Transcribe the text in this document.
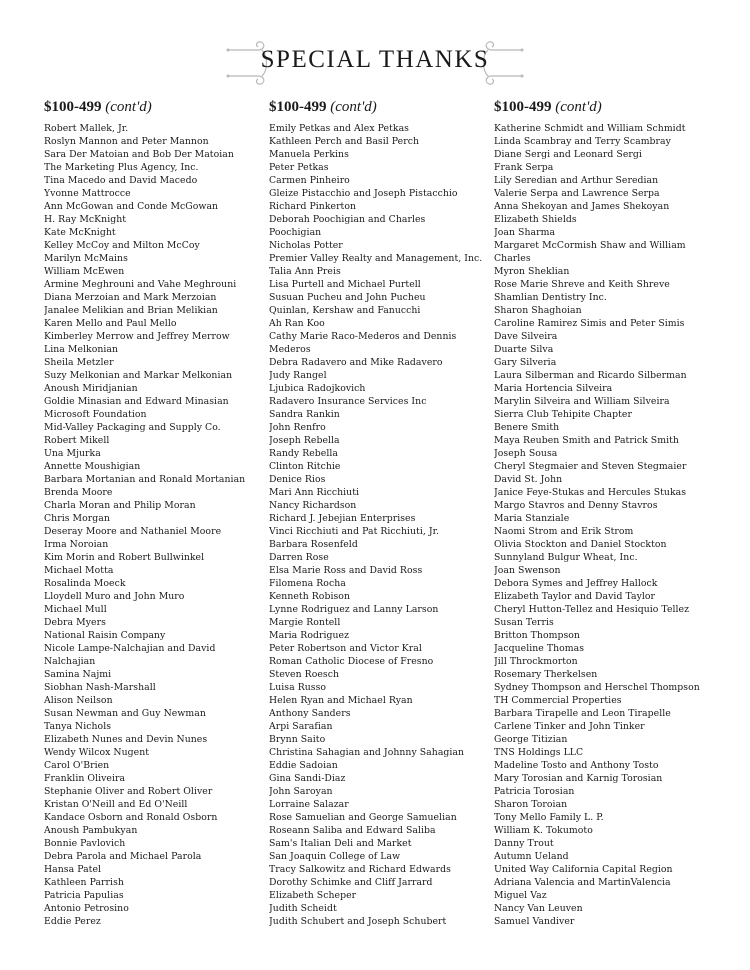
SPECIAL THANKS
$100-499 (cont'd)
Robert Mallek, Jr.
Roslyn Mannon and Peter Mannon
Sara Der Matoian and Bob Der Matoian
The Marketing Plus Agency, Inc.
Tina Macedo and David Macedo
Yvonne Mattrocce
Ann McGowan and Conde McGowan
H. Ray McKnight
Kate McKnight
Kelley McCoy and Milton McCoy
Marilyn McMains
William McEwen
Armine Meghrouni and Vahe Meghrouni
Diana Merzoian and Mark Merzoian
Janalee Melikian and Brian Melikian
Karen Mello and Paul Mello
Kimberley Merrow and Jeffrey Merrow
Lina Melkonian
Sheila Metzler
Suzy Melkonian and Markar Melkonian
Anoush Miridjanian
Goldie Minasian and Edward Minasian
Microsoft Foundation
Mid-Valley Packaging and Supply Co.
Robert Mikell
Una Mjurka
Annette Moushigian
Barbara Mortanian and Ronald Mortanian
Brenda Moore
Charla Moran and Philip Moran
Chris Morgan
Deseray Moore and Nathaniel Moore
Irma Noroian
Kim Morin and Robert Bullwinkel
Michael Motta
Rosalinda Moeck
Lloydell Muro and John Muro
Michael Mull
Debra Myers
National Raisin Company
Nicole Lampe-Nalchajian and David
Nalchajian
Samina Najmi
Siobhan Nash-Marshall
Alison Neilson
Susan Newman and Guy Newman
Tanya Nichols
Elizabeth Nunes and Devin Nunes
Wendy Wilcox Nugent
Carol O'Brien
Franklin Oliveira
Stephanie Oliver and Robert Oliver
Kristan O'Neill and Ed O'Neill
Kandace Osborn and Ronald Osborn
Anoush Pambukyan
Bonnie Pavlovich
Debra Parola and Michael Parola
Hansa Patel
Kathleen Parrish
Patricia Papulias
Antonio Petrosino
Eddie Perez
$100-499 (cont'd)
Emily Petkas and Alex Petkas
Kathleen Perch and Basil Perch
Manuela Perkins
Peter Petkas
Carmen Pinheiro
Gleize Pistacchio and Joseph Pistacchio
Richard Pinkerton
Deborah Poochigian and Charles
Poochigian
Nicholas Potter
Premier Valley Realty and Management, Inc.
Talia Ann Preis
Lisa Purtell and Michael Purtell
Susuan Pucheu and John Pucheu
Quinlan, Kershaw and Fanucchi
Ah Ran Koo
Cathy Marie Raco-Mederos and Dennis
Mederos
Debra Radavero and Mike Radavero
Judy Rangel
Ljubica Radojkovich
Radavero Insurance Services Inc
Sandra Rankin
John Renfro
Joseph Rebella
Randy Rebella
Clinton Ritchie
Denice Rios
Mari Ann Ricchiuti
Nancy Richardson
Richard J. Jebejian Enterprises
Vinci Ricchiuti and Pat Ricchiuti, Jr.
Barbara Rosenfeld
Darren Rose
Elsa Marie Ross and David Ross
Filomena Rocha
Kenneth Robison
Lynne Rodriguez and Lanny Larson
Margie Rontell
Maria Rodriguez
Peter Robertson and Victor Kral
Roman Catholic Diocese of Fresno
Steven Roesch
Luisa Russo
Helen Ryan and Michael Ryan
Anthony Sanders
Arpi Sarafian
Brynn Saito
Christina Sahagian and Johnny Sahagian
Eddie Sadoian
Gina Sandi-Diaz
John Saroyan
Lorraine Salazar
Rose Samuelian and George Samuelian
Roseann Saliba and Edward Saliba
Sam's Italian Deli and Market
San Joaquin College of Law
Tracy Salkowitz and Richard Edwards
Dorothy Schimke and Cliff Jarrard
Elizabeth Scheper
Judith Scheidt
Judith Schubert and Joseph Schubert
$100-499 (cont'd)
Katherine Schmidt and William Schmidt
Linda Scambray and Terry Scambray
Diane Sergi and Leonard Sergi
Frank Serpa
Lily Seredian and Arthur Seredian
Valerie Serpa and Lawrence Serpa
Anna Shekoyan and James Shekoyan
Elizabeth Shields
Joan Sharma
Margaret McCormish Shaw and William
Charles
Myron Sheklian
Rose Marie Shreve and Keith Shreve
Shamlian Dentistry Inc.
Sharon Shaghoian
Caroline Ramirez Simis and Peter Simis
Dave Silveira
Duarte Silva
Gary Silveria
Laura Silberman and Ricardo Silberman
Maria Hortencia Silveira
Marylin Silveira and William Silveira
Sierra Club Tehipite Chapter
Benere Smith
Maya Reuben Smith and Patrick Smith
Joseph Sousa
Cheryl Stegmaier and Steven Stegmaier
David St. John
Janice Feye-Stukas and Hercules Stukas
Margo Stavros and Denny Stavros
Maria Stanziale
Naomi Strom and Erik Strom
Olivia Stockton and Daniel Stockton
Sunnyland Bulgur Wheat, Inc.
Joan Swenson
Debora Symes and Jeffrey Hallock
Elizabeth Taylor and David Taylor
Cheryl Hutton-Tellez and Hesiquio Tellez
Susan Terris
Britton Thompson
Jacqueline Thomas
Jill Throckmorton
Rosemary Therkelsen
Sydney Thompson and Herschel Thompson
TH Commercial Properties
Barbara Tirapelle and Leon Tirapelle
Carlene Tinker and John Tinker
George Titizian
TNS Holdings LLC
Madeline Tosto and Anthony Tosto
Mary Torosian and Karnig Torosian
Patricia Torosian
Sharon Toroian
Tony Mello Family L. P.
William K. Tokumoto
Danny Trout
Autumn Ueland
United Way California Capital Region
Adriana Valencia and MartinValencia
Miguel Vaz
Nancy Van Leuven
Samuel Vandiver
